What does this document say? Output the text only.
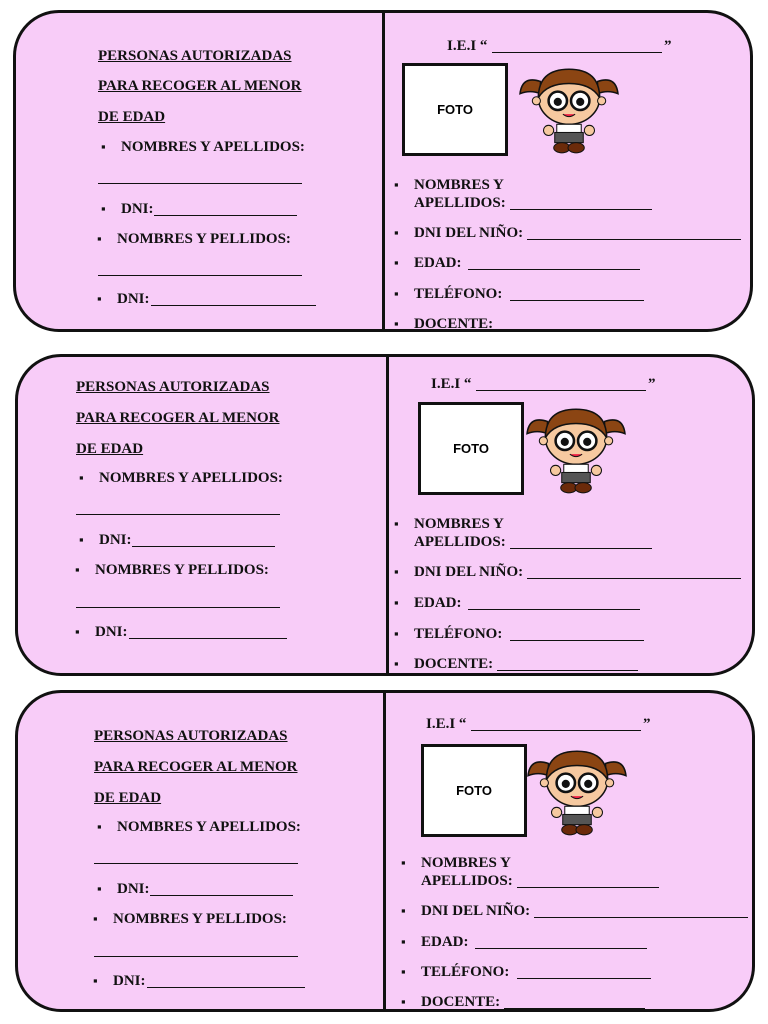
PERSONAS AUTORIZADAS
PARA RECOGER AL MENOR
DE EDAD
▪ NOMBRES Y APELLIDOS:
▪ DNI:
▪ NOMBRES Y PELLIDOS:
▪ DNI:
I.E.I “	”
FOTO
▪ NOMBRES Y
APELLIDOS:
▪ DNI DEL NIÑO:
▪ EDAD:
▪ TELÉFONO:
▪ DOCENTE:
PERSONAS AUTORIZADAS
PARA RECOGER AL MENOR
DE EDAD
▪ NOMBRES Y APELLIDOS:
▪ DNI:
▪ NOMBRES Y PELLIDOS:
▪ DNI:
I.E.I “	”
FOTO
▪ NOMBRES Y
APELLIDOS:
▪ DNI DEL NIÑO:
▪ EDAD:
▪ TELÉFONO:
▪ DOCENTE:
PERSONAS AUTORIZADAS
PARA RECOGER AL MENOR
DE EDAD
▪ NOMBRES Y APELLIDOS:
▪ DNI:
▪ NOMBRES Y PELLIDOS:
▪ DNI:
I.E.I “	”
FOTO
▪ NOMBRES Y
APELLIDOS:
▪ DNI DEL NIÑO:
▪ EDAD:
▪ TELÉFONO:
▪ DOCENTE:
